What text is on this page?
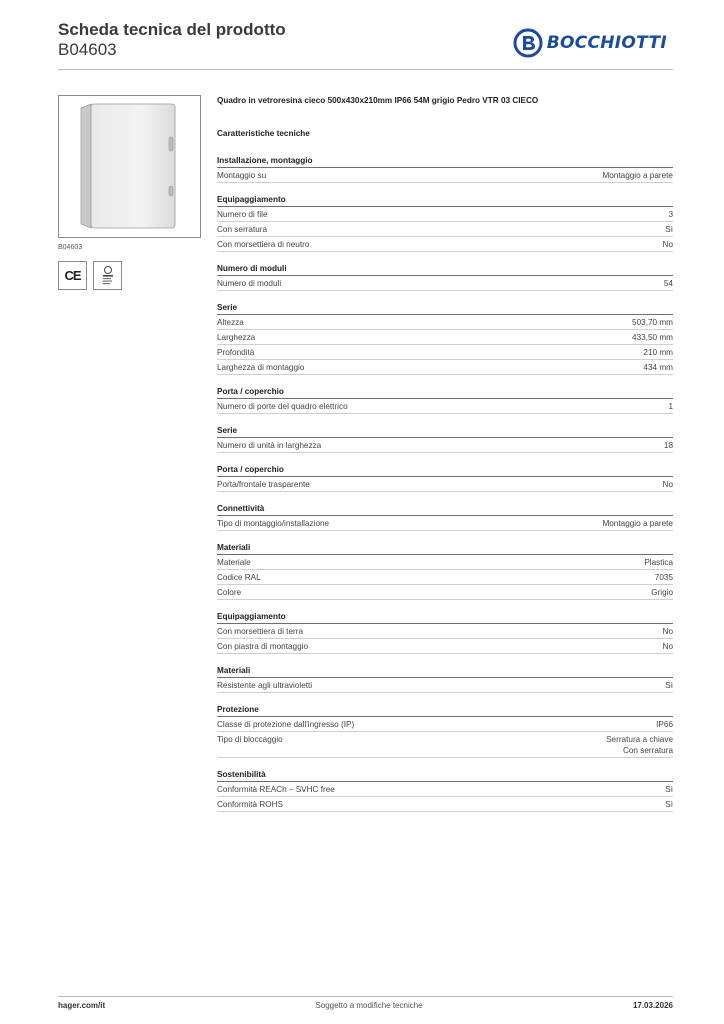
Scheda tecnica del prodotto
B04603	BOCCHIOTTI
B04603
CE
Quadro in vetroresina cieco 500x430x210mm IP66 54M grigio Pedro VTR 03 CIECO
Caratteristiche tecniche
Installazione, montaggio
Montaggio su	Montaggio a parete
Equipaggiamento
Numero di file	3
Con serratura	Sì
Con morsettiera di neutro	No
Numero di moduli
Numero di moduli	54
Serie
Altezza	503,70 mm
Larghezza	433,50 mm
Profondità	210 mm
Larghezza di montaggio	434 mm
Porta / coperchio
Numero di porte del quadro elettrico	1
Serie
Numero di unità in larghezza	18
Porta / coperchio
Porta/frontale trasparente	No
Connettività
Tipo di montaggio/installazione	Montaggio a parete
Materiali
Materiale	Plastica
Codice RAL	7035
Colore	Grigio
Equipaggiamento
Con morsettiera di terra	No
Con piastra di montaggio	No
Materiali
Resistente agli ultravioletti	Sì
Protezione
Classe di protezione dall'ingresso (IP)	IP66
Tipo di bloccaggio	Serratura a chiave
Con serratura
Sostenibilità
Conformità REACh – SVHC free	Sì
Conformità ROHS	Sì
hager.com/it	Soggetto a modifiche tecniche	17.03.2026
